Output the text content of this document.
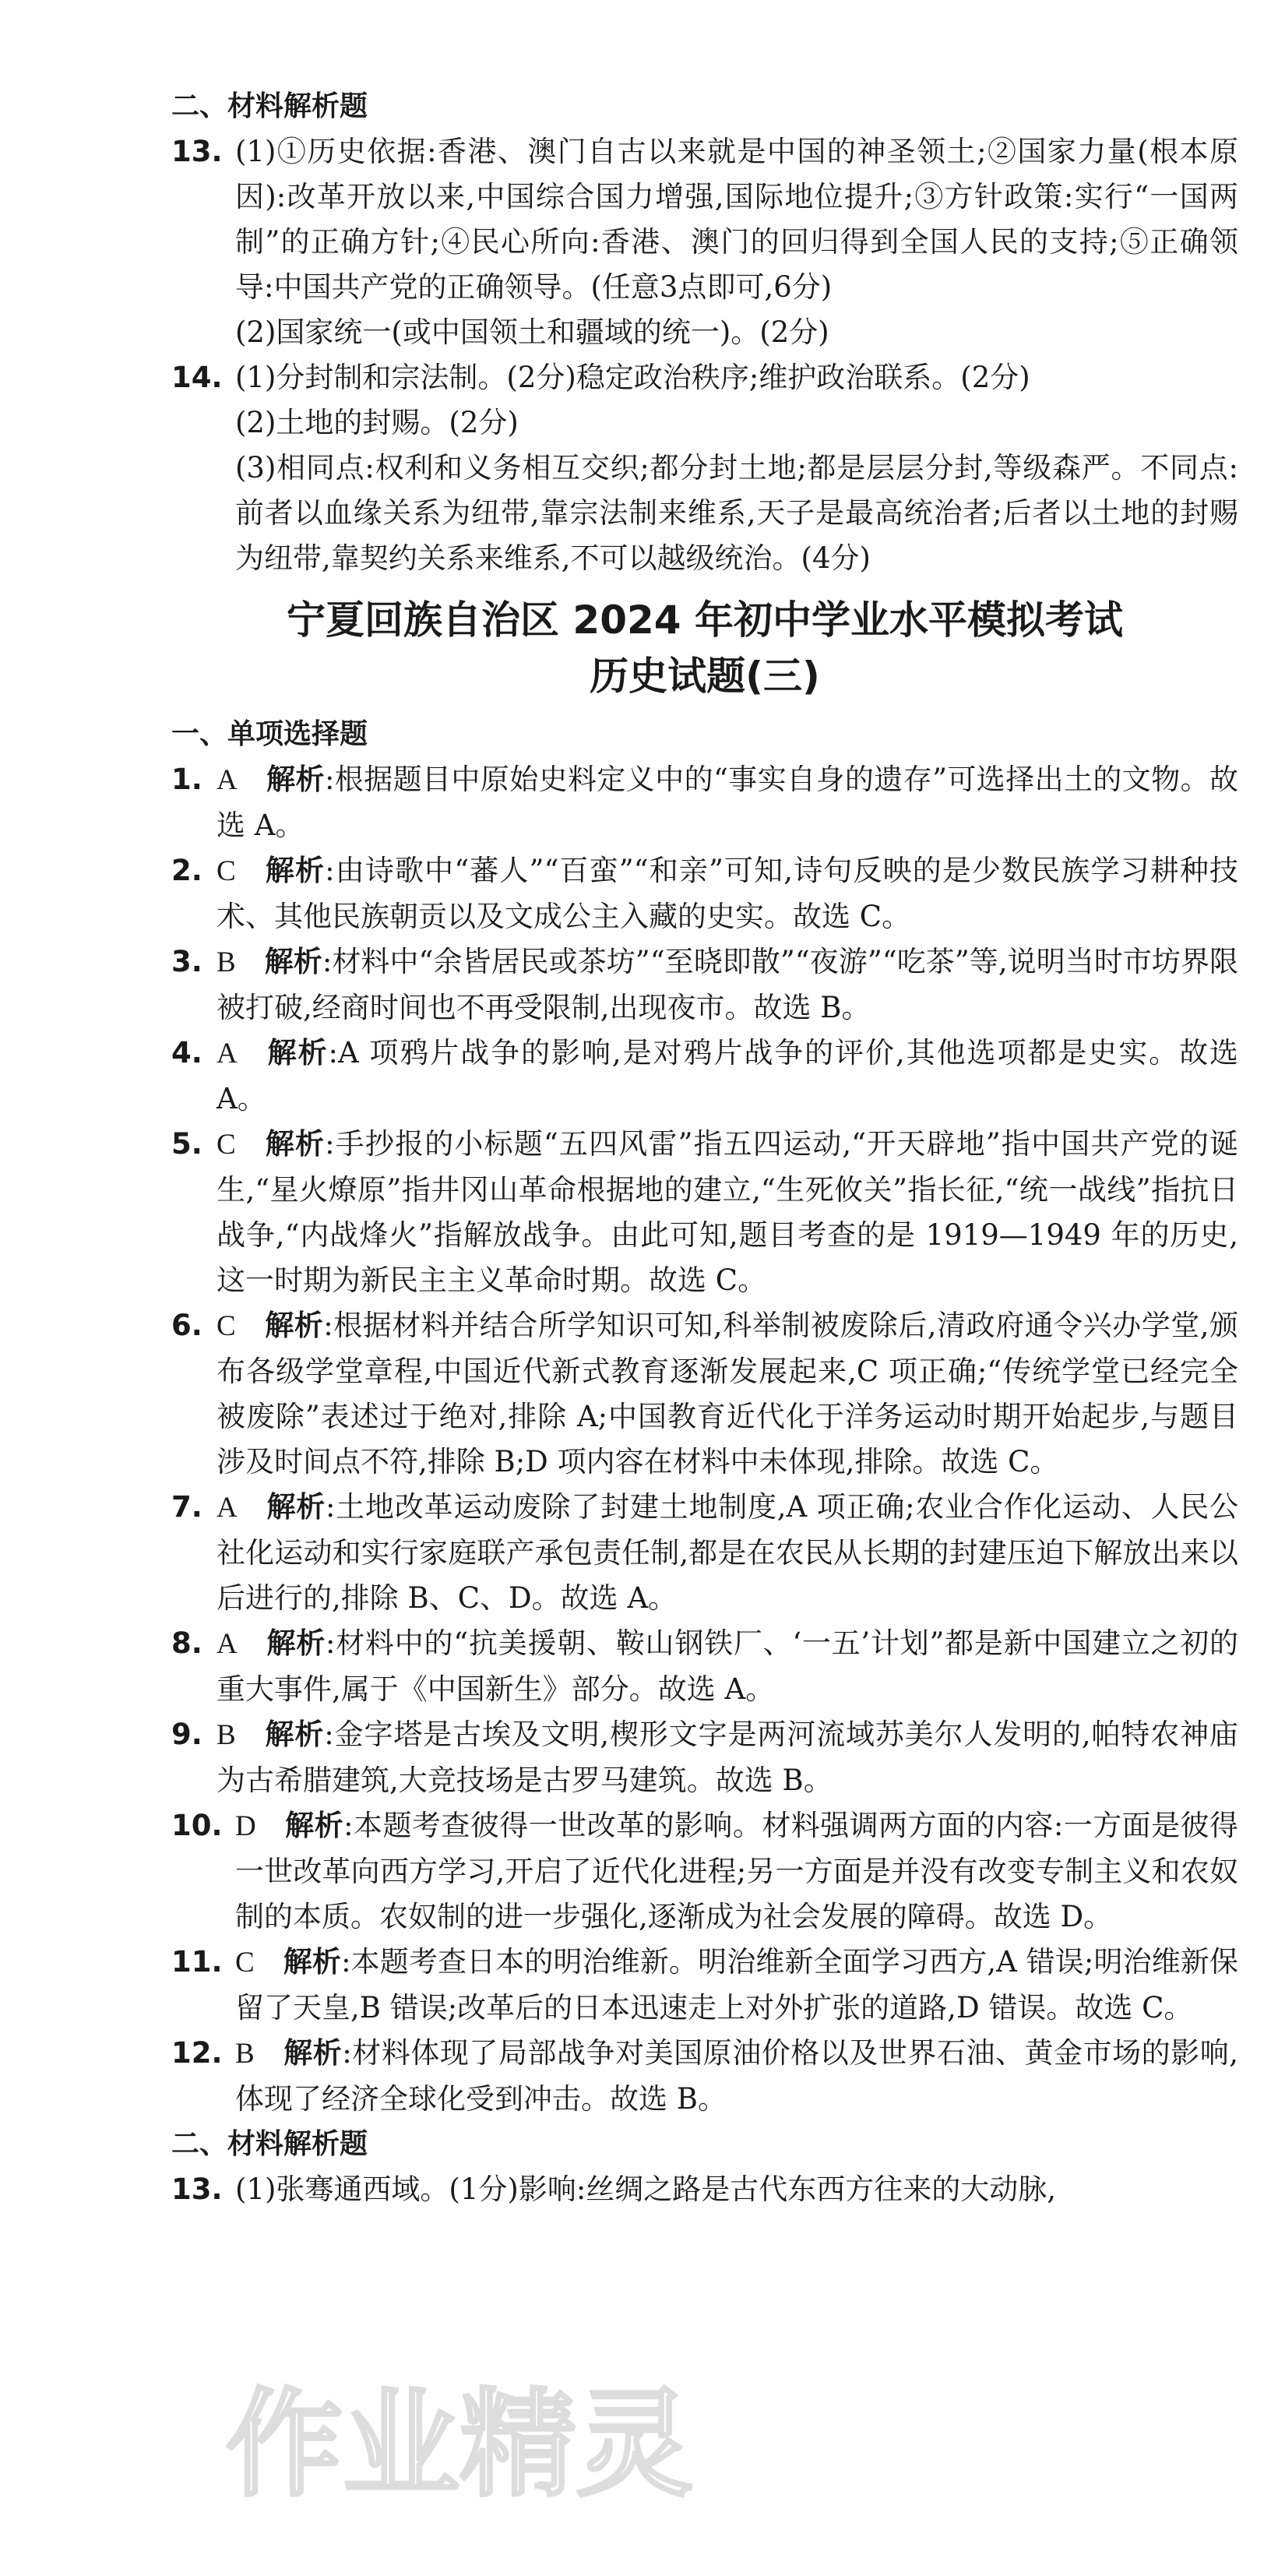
二、材料解析题
13. (1)①历史依据:香港、澳门自古以来就是中国的神圣领土;②国家力量(根本原因):改革开放以来,中国综合国力增强,国际地位提升;③方针政策:实行“一国两制”的正确方针;④民心所向:香港、澳门的回归得到全国人民的支持;⑤正确领导:中国共产党的正确领导。(任意3点即可,6分)

(2)国家统一(或中国领土和疆域的统一)。(2分)

14. (1)分封制和宗法制。(2分)稳定政治秩序;维护政治联系。(2分)

(2)土地的封赐。(2分)

(3)相同点:权利和义务相互交织;都分封土地;都是层层分封,等级森严。不同点:前者以血缘关系为纽带,靠宗法制来维系,天子是最高统治者;后者以土地的封赐为纽带,靠契约关系来维系,不可以越级统治。(4分)

宁夏回族自治区 2024 年初中学业水平模拟考试
历史试题(三)
一、单项选择题
1. A  解析:根据题目中原始史料定义中的“事实自身的遗存”可选择出土的文物。故选 A。

2. C  解析:由诗歌中“蕃人”“百蛮”“和亲”可知,诗句反映的是少数民族学习耕种技术、其他民族朝贡以及文成公主入藏的史实。故选 C。

3. B  解析:材料中“余皆居民或茶坊”“至晓即散”“夜游”“吃茶”等,说明当时市坊界限被打破,经商时间也不再受限制,出现夜市。故选 B。

4. A  解析:A 项鸦片战争的影响,是对鸦片战争的评价,其他选项都是史实。故选 A。

5. C  解析:手抄报的小标题“五四风雷”指五四运动,“开天辟地”指中国共产党的诞生,“星火燎原”指井冈山革命根据地的建立,“生死攸关”指长征,“统一战线”指抗日战争,“内战烽火”指解放战争。由此可知,题目考查的是 1919—1949 年的历史,这一时期为新民主主义革命时期。故选 C。

6. C  解析:根据材料并结合所学知识可知,科举制被废除后,清政府通令兴办学堂,颁布各级学堂章程,中国近代新式教育逐渐发展起来,C 项正确;“传统学堂已经完全被废除”表述过于绝对,排除 A;中国教育近代化于洋务运动时期开始起步,与题目涉及时间点不符,排除 B;D 项内容在材料中未体现,排除。故选 C。

7. A  解析:土地改革运动废除了封建土地制度,A 项正确;农业合作化运动、人民公社化运动和实行家庭联产承包责任制,都是在农民从长期的封建压迫下解放出来以后进行的,排除 B、C、D。故选 A。

8. A  解析:材料中的“抗美援朝、鞍山钢铁厂、‘一五’计划”都是新中国建立之初的重大事件,属于《中国新生》部分。故选 A。

9. B  解析:金字塔是古埃及文明,楔形文字是两河流域苏美尔人发明的,帕特农神庙为古希腊建筑,大竞技场是古罗马建筑。故选 B。

10. D  解析:本题考查彼得一世改革的影响。材料强调两方面的内容:一方面是彼得一世改革向西方学习,开启了近代化进程;另一方面是并没有改变专制主义和农奴制的本质。农奴制的进一步强化,逐渐成为社会发展的障碍。故选 D。

11. C  解析:本题考查日本的明治维新。明治维新全面学习西方,A 错误;明治维新保留了天皇,B 错误;改革后的日本迅速走上对外扩张的道路,D 错误。故选 C。

12. B  解析:材料体现了局部战争对美国原油价格以及世界石油、黄金市场的影响,体现了经济全球化受到冲击。故选 B。

二、材料解析题
13. (1)张骞通西域。(1分)影响:丝绸之路是古代东西方往来的大动脉,

作业精灵
